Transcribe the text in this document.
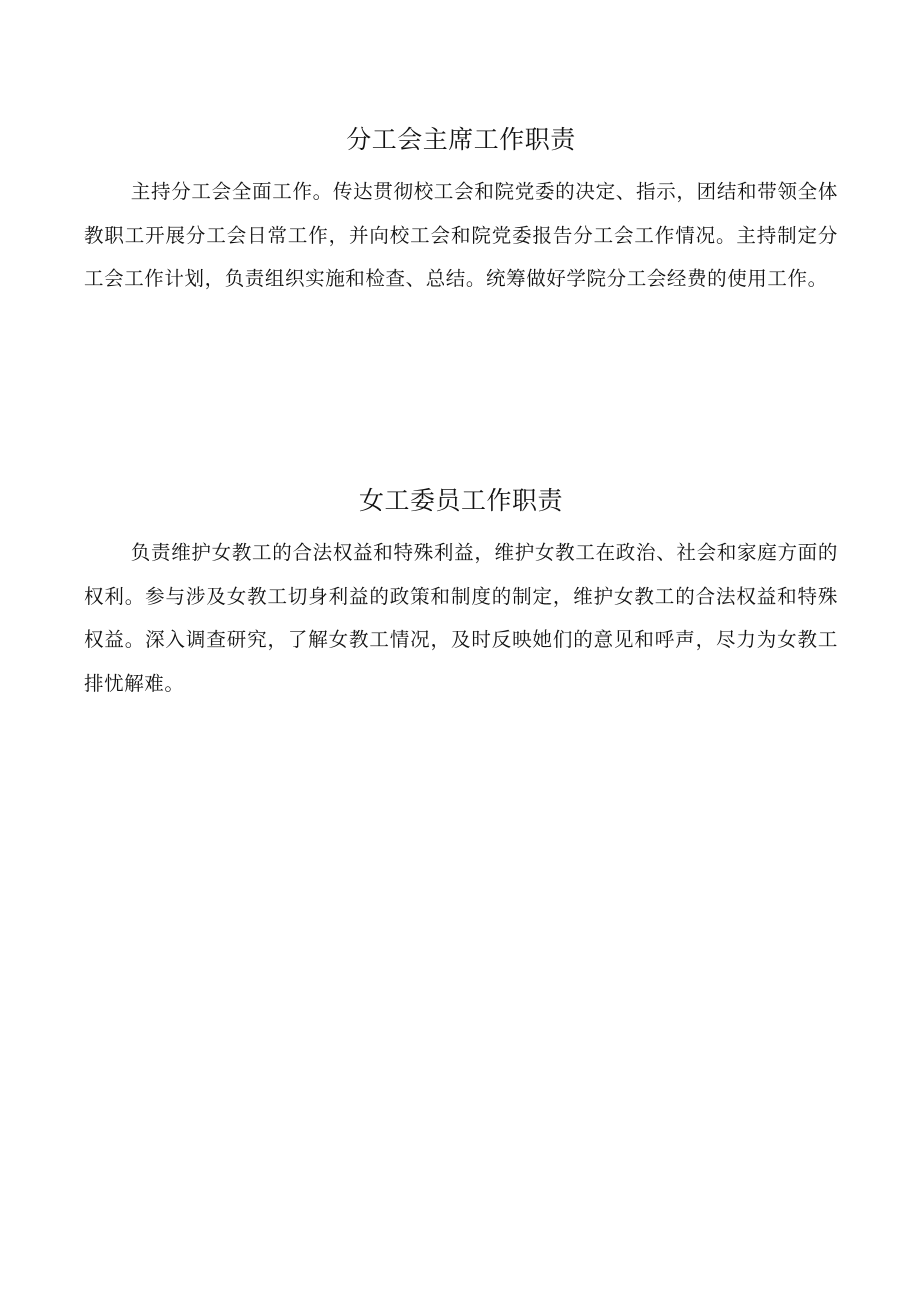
分工会主席工作职责

主持分工会全面工作。传达贯彻校工会和院党委的决定、指示，团结和带领全体教职工开展分工会日常工作，并向校工会和院党委报告分工会工作情况。主持制定分工会工作计划，负责组织实施和检查、总结。统筹做好学院分工会经费的使用工作。

女工委员工作职责

负责维护女教工的合法权益和特殊利益，维护女教工在政治、社会和家庭方面的权利。参与涉及女教工切身利益的政策和制度的制定，维护女教工的合法权益和特殊权益。深入调查研究，了解女教工情况，及时反映她们的意见和呼声，尽力为女教工排忧解难。
